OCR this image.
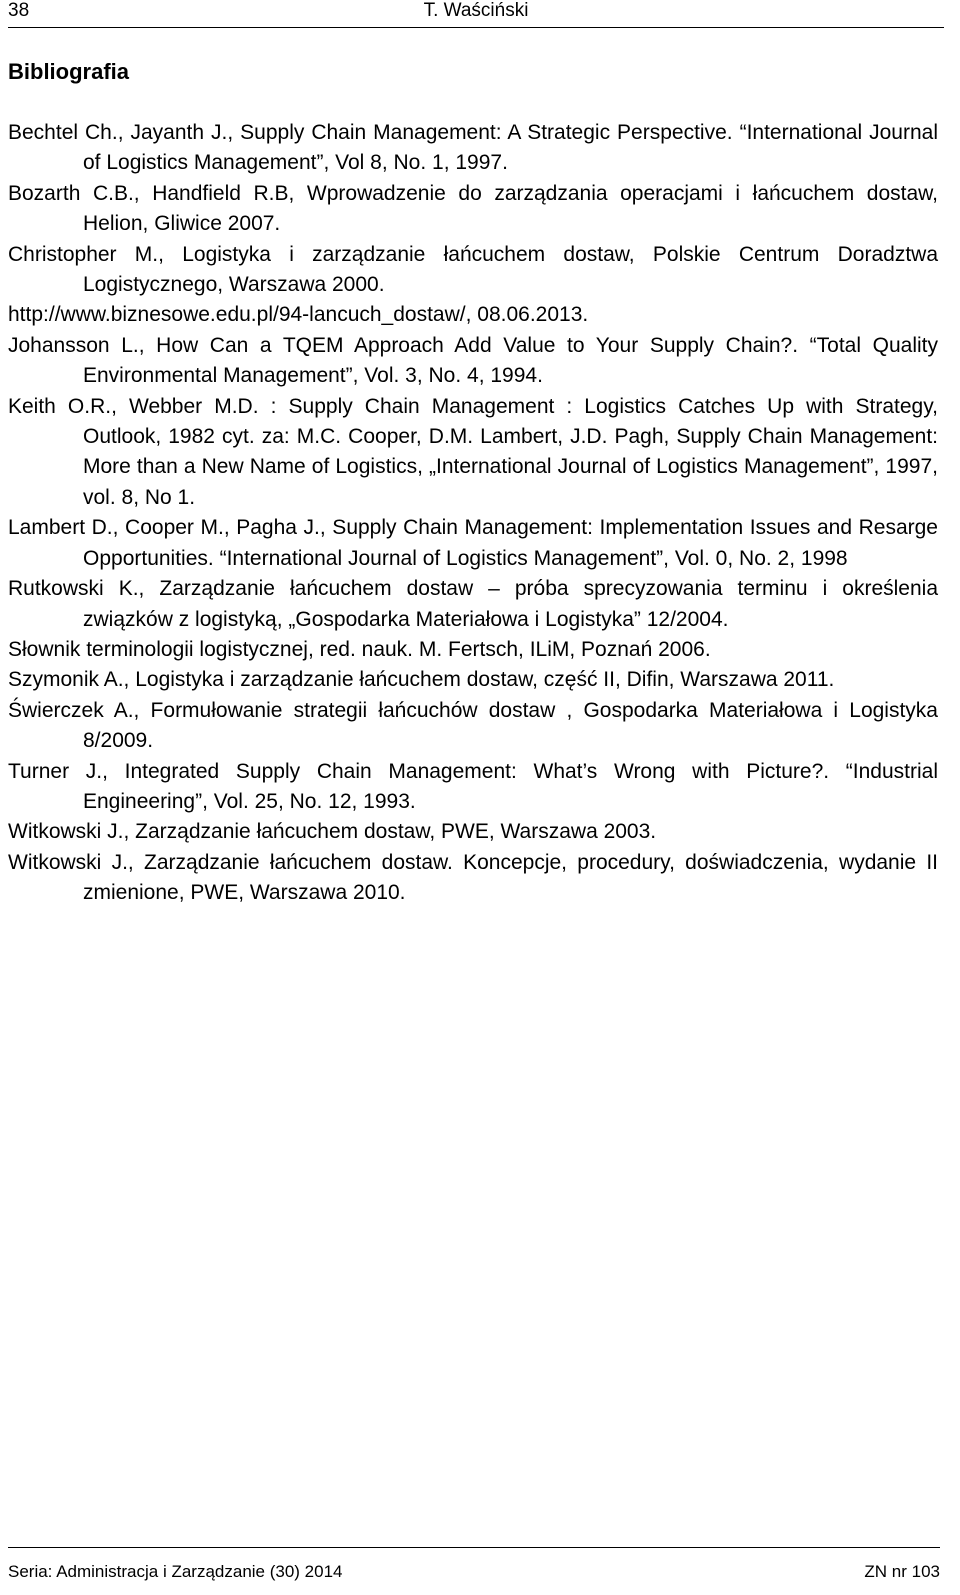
38	T. Waściński
Bibliografia
Bechtel Ch., Jayanth J., Supply Chain Management: A Strategic Perspective. “International Journal of Logistics Management”, Vol 8, No. 1, 1997.
Bozarth C.B., Handfield R.B, Wprowadzenie do zarządzania operacjami i łańcuchem dostaw, Helion, Gliwice 2007.
Christopher M., Logistyka i zarządzanie łańcuchem dostaw, Polskie Centrum Doradztwa Logistycznego, Warszawa 2000.
http://www.biznesowe.edu.pl/94-lancuch_dostaw/, 08.06.2013.
Johansson L., How Can a TQEM Approach Add Value to Your Supply Chain?. “Total Quality Environmental Management”, Vol. 3, No. 4, 1994.
Keith O.R., Webber M.D. : Supply Chain Management : Logistics Catches Up with Strategy, Outlook, 1982 cyt. za: M.C. Cooper, D.M. Lambert, J.D. Pagh, Supply Chain Management: More than a New Name of Logistics, „International Journal of Logistics Management”, 1997, vol. 8, No 1.
Lambert D., Cooper M., Pagha J., Supply Chain Management: Implementation Issues and Resarge Opportunities. “International Journal of Logistics Management”, Vol. 0, No. 2, 1998
Rutkowski K., Zarządzanie łańcuchem dostaw – próba sprecyzowania terminu i określenia związków z logistyką, „Gospodarka Materiałowa i Logistyka” 12/2004.
Słownik terminologii logistycznej, red. nauk. M. Fertsch, ILiM, Poznań 2006.
Szymonik A., Logistyka i zarządzanie łańcuchem dostaw, część II, Difin, Warszawa 2011.
Świerczek A., Formułowanie strategii łańcuchów dostaw , Gospodarka Materiałowa i Logistyka 8/2009.
Turner J., Integrated Supply Chain Management: What’s Wrong with Picture?. “Industrial Engineering”, Vol. 25, No. 12, 1993.
Witkowski J., Zarządzanie łańcuchem dostaw, PWE, Warszawa 2003.
Witkowski J., Zarządzanie łańcuchem dostaw. Koncepcje, procedury, doświadczenia, wydanie II zmienione, PWE, Warszawa 2010.
Seria: Administracja i Zarządzanie (30) 2014	ZN nr 103
